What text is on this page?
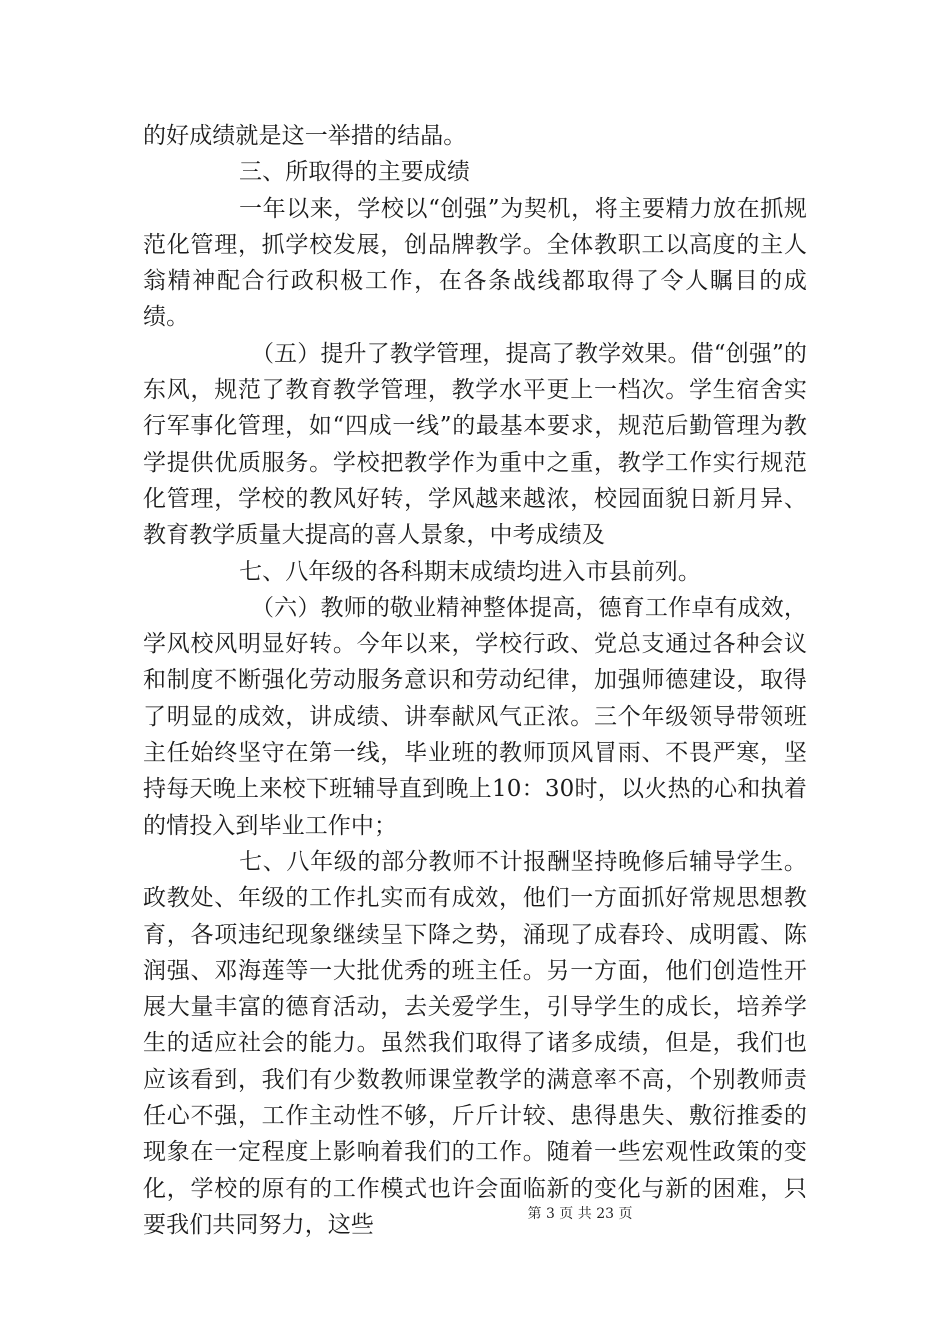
的好成绩就是这一举措的结晶。

三、所取得的主要成绩

一年以来，学校以“创强”为契机，将主要精力放在抓规范化管理，抓学校发展，创品牌教学。全体教职工以高度的主人翁精神配合行政积极工作，在各条战线都取得了令人瞩目的成绩。

（五）提升了教学管理，提高了教学效果。借“创强”的东风，规范了教育教学管理，教学水平更上一档次。学生宿舍实行军事化管理，如“四成一线”的最基本要求，规范后勤管理为教学提供优质服务。学校把教学作为重中之重，教学工作实行规范化管理，学校的教风好转，学风越来越浓，校园面貌日新月异、教育教学质量大提高的喜人景象，中考成绩及

七、八年级的各科期末成绩均进入市县前列。

（六）教师的敬业精神整体提高，德育工作卓有成效，学风校风明显好转。今年以来，学校行政、党总支通过各种会议和制度不断强化劳动服务意识和劳动纪律，加强师德建设，取得了明显的成效，讲成绩、讲奉献风气正浓。三个年级领导带领班主任始终坚守在第一线，毕业班的教师顶风冒雨、不畏严寒，坚持每天晚上来校下班辅导直到晚上10：30时，以火热的心和执着的情投入到毕业工作中；

七、八年级的部分教师不计报酬坚持晚修后辅导学生。政教处、年级的工作扎实而有成效，他们一方面抓好常规思想教育，各项违纪现象继续呈下降之势，涌现了成春玲、成明霞、陈润强、邓海莲等一大批优秀的班主任。另一方面，他们创造性开展大量丰富的德育活动，去关爱学生，引导学生的成长，培养学生的适应社会的能力。虽然我们取得了诸多成绩，但是，我们也应该看到，我们有少数教师课堂教学的满意率不高，个别教师责任心不强，工作主动性不够，斤斤计较、患得患失、敷衍推委的现象在一定程度上影响着我们的工作。随着一些宏观性政策的变化，学校的原有的工作模式也许会面临新的变化与新的困难，只要我们共同努力，这些	第 3 页 共 23 页
